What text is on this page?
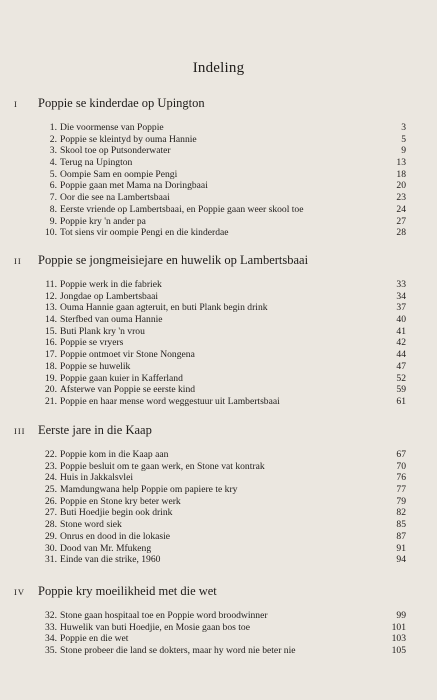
Indeling
I Poppie se kinderdae op Upington
1. Die voormense van Poppie	3
2. Poppie se kleintyd by ouma Hannie	5
3. Skool toe op Putsonderwater	9
4. Terug na Upington	13
5. Oompie Sam en oompie Pengi	18
6. Poppie gaan met Mama na Doringbaai	20
7. Oor die see na Lambertsbaai	23
8. Eerste vriende op Lambertsbaai, en Poppie gaan weer skool toe	24
9. Poppie kry 'n ander pa	27
10. Tot siens vir oompie Pengi en die kinderdae	28
II Poppie se jongmeisiejare en huwelik op Lambertsbaai
11. Poppie werk in die fabriek	33
12. Jongdae op Lambertsbaai	34
13. Ouma Hannie gaan agteruit, en buti Plank begin drink	37
14. Sterfbed van ouma Hannie	40
15. Buti Plank kry 'n vrou	41
16. Poppie se vryers	42
17. Poppie ontmoet vir Stone Nongena	44
18. Poppie se huwelik	47
19. Poppie gaan kuier in Kafferland	52
20. Afsterwe van Poppie se eerste kind	59
21. Poppie en haar mense word weggestuur uit Lambertsbaai	61
III Eerste jare in die Kaap
22. Poppie kom in die Kaap aan	67
23. Poppie besluit om te gaan werk, en Stone vat kontrak	70
24. Huis in Jakkalsvlei	76
25. Mamdungwana help Poppie om papiere te kry	77
26. Poppie en Stone kry beter werk	79
27. Buti Hoedjie begin ook drink	82
28. Stone word siek	85
29. Onrus en dood in die lokasie	87
30. Dood van Mr. Mfukeng	91
31. Einde van die strike, 1960	94
IV Poppie kry moeilikheid met die wet
32. Stone gaan hospitaal toe en Poppie word broodwinner	99
33. Huwelik van buti Hoedjie, en Mosie gaan bos toe	101
34. Poppie en die wet	103
35. Stone probeer die land se dokters, maar hy word nie beter nie	105
